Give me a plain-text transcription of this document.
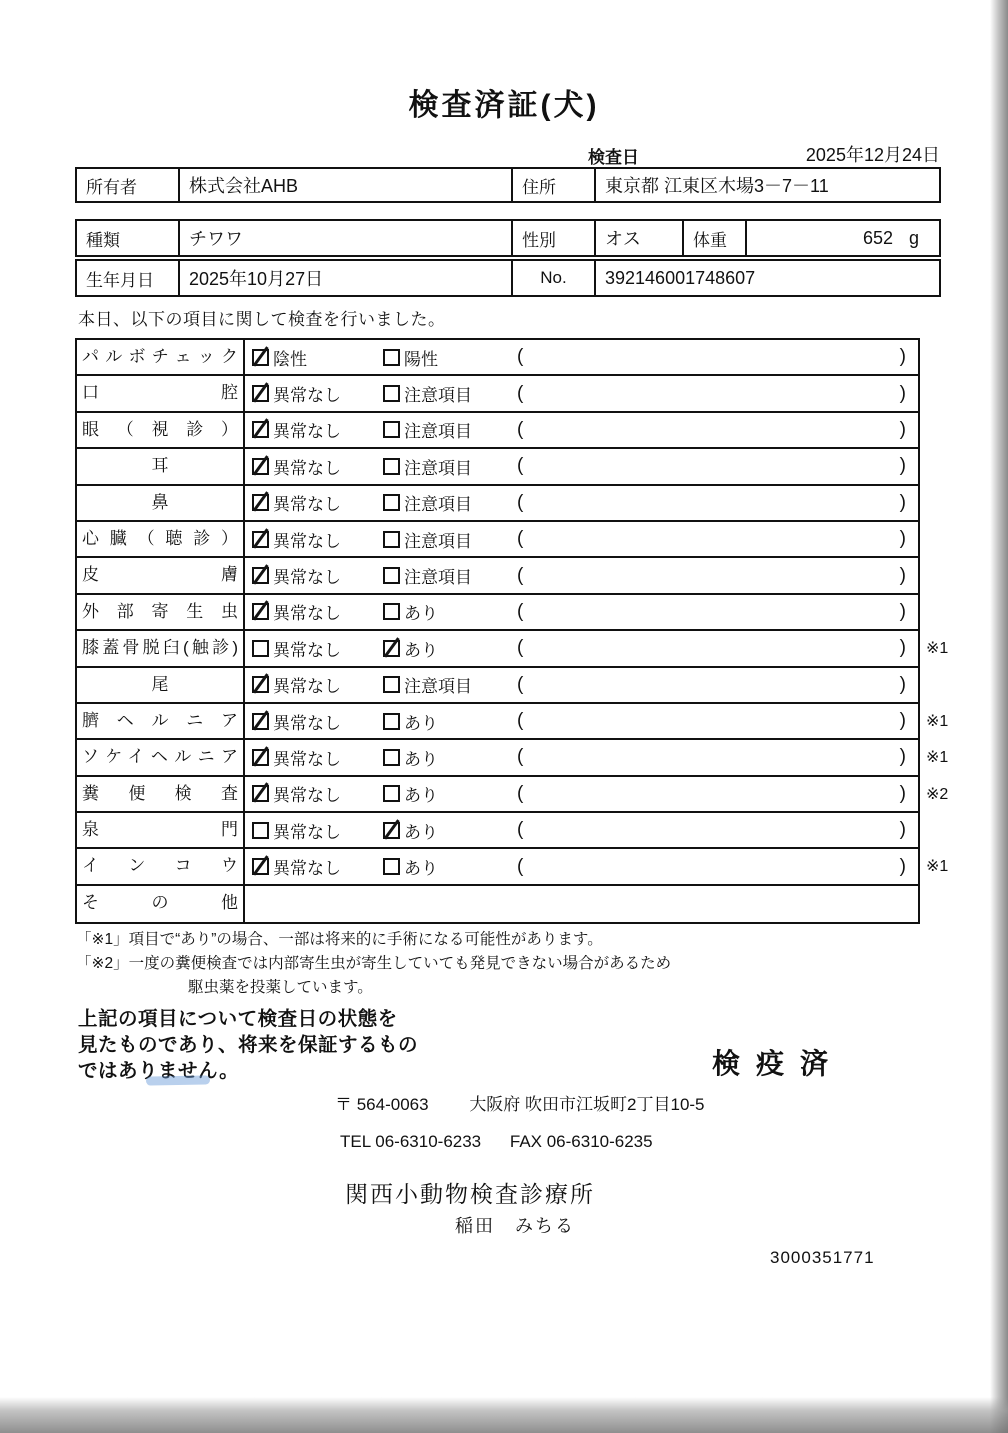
検査済証(犬)
検査日	2025年12月24日
所有者	株式会社AHB	住所	東京都 江東区木場3－7－11
種類	チワワ	性別	オス	体重	652 g
生年月日	2025年10月27日	No.	392146001748607
本日、以下の項目に関して検査を行いました。
パルボチェック	陰性	陽性	(	)
口腔	異常なし	注意項目 (	)
眼（視診）	異常なし	注意項目 (	)
耳	異常なし	注意項目 (	)
鼻	異常なし	注意項目 (	)
心臓（聴診）	異常なし	注意項目 (	)
皮膚	異常なし	注意項目 (	)
外部寄生虫	異常なし	あり	(	)
膝蓋骨脱臼(触診)	異常なし	あり	(	) ※1
尾	異常なし	注意項目 (	)
臍ヘルニア	異常なし	あり	(	) ※1
ソケイヘルニア	異常なし	あり	(	) ※1
糞便検査	異常なし	あり	(	) ※2
泉門	異常なし	あり	(	)
インコウ	異常なし	あり	(	) ※1
その他
「※1」項目で“あり”の場合、一部は将来的に手術になる可能性があります。
「※2」一度の糞便検査では内部寄生虫が寄生していても発見できない場合があるため
駆虫薬を投薬しています。
上記の項目について検査日の状態を
見たものであり、将来を保証するもの
ではありません。	検疫済
〒 564-0063 大阪府 吹田市江坂町2丁目10-5
TEL 06-6310-6233 FAX 06-6310-6235
関西小動物検査診療所
稲田　みちる
3000351771
